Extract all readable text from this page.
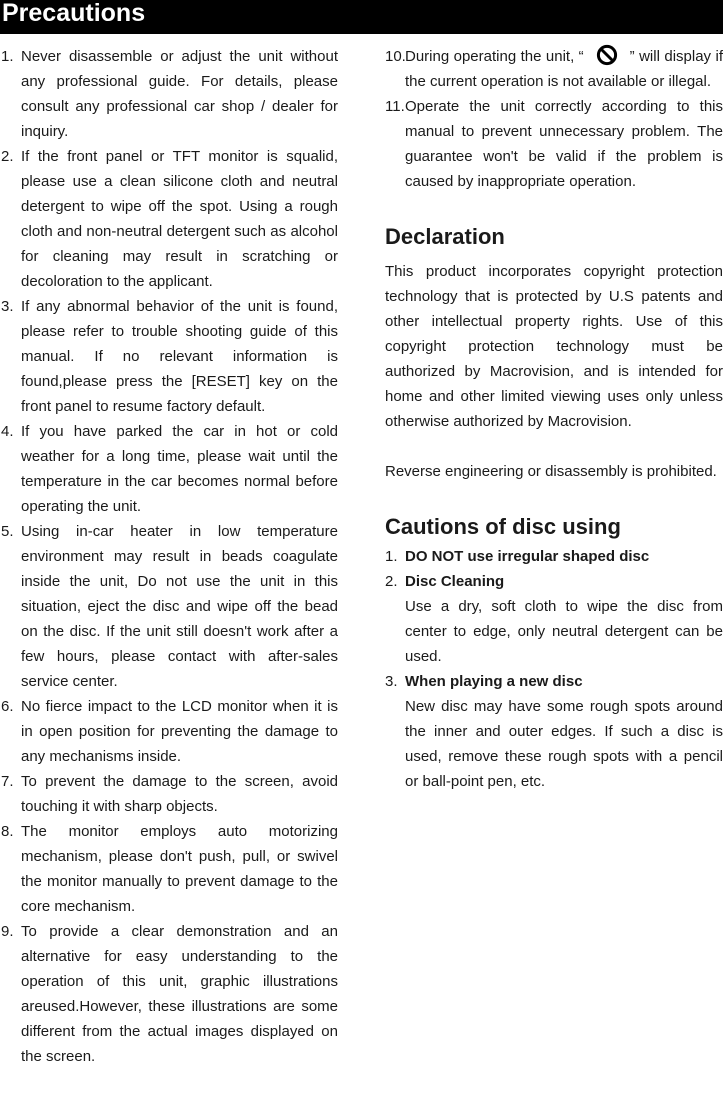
Precautions
1. Never disassemble or adjust the unit without any professional guide. For details, please consult any professional car shop / dealer for inquiry.
2. If the front panel or TFT monitor is squalid, please use a clean silicone cloth and neutral detergent to wipe off the spot. Using a rough cloth and non-neutral detergent such as alcohol for cleaning may result in scratching or decoloration to the applicant.
3. If any abnormal behavior of the unit is found, please refer to trouble shooting guide of this manual. If no relevant information is found,please press the [RESET] key on the front panel to resume factory default.
4. If you have parked the car in hot or cold weather for a long time, please wait until the temperature in the car becomes normal before operating the unit.
5. Using in-car heater in low temperature environment may result in beads coagulate inside the unit, Do not use the unit in this situation, eject the disc and wipe off the bead on the disc. If the unit still doesn't work after a few hours, please contact with after-sales service center.
6. No fierce impact to the LCD monitor when it is in open position for preventing the damage to any mechanisms inside.
7. To prevent the damage to the screen, avoid touching it with sharp objects.
8. The monitor employs auto motorizing mechanism, please don't push, pull, or swivel the monitor manually to prevent damage to the core mechanism.
9. To provide a clear demonstration and an alternative for easy understanding to the operation of this unit, graphic illustrations areused.However, these illustrations are some different from the actual images displayed on the screen.
10. During operating the unit, “	” will display if the current operation is not available or illegal.
11. Operate the unit correctly according to this manual to prevent unnecessary problem. The guarantee won't be valid if the problem is caused by inappropriate operation.
Declaration

This product incorporates copyright protection technology that is protected by U.S patents and other intellectual property rights. Use of this copyright protection technology must be authorized by Macrovision, and is intended for home and other limited viewing uses only unless otherwise authorized by Macrovision.

Reverse engineering or disassembly is prohibited.

Cautions of disc using
1. DO NOT use irregular shaped disc
2. Disc Cleaning
Use a dry, soft cloth to wipe the disc from center to edge, only neutral detergent can be used.
3. When playing a new disc
New disc may have some rough spots around the inner and outer edges. If such a disc is used, remove these rough spots with a pencil or ball-point pen, etc.
